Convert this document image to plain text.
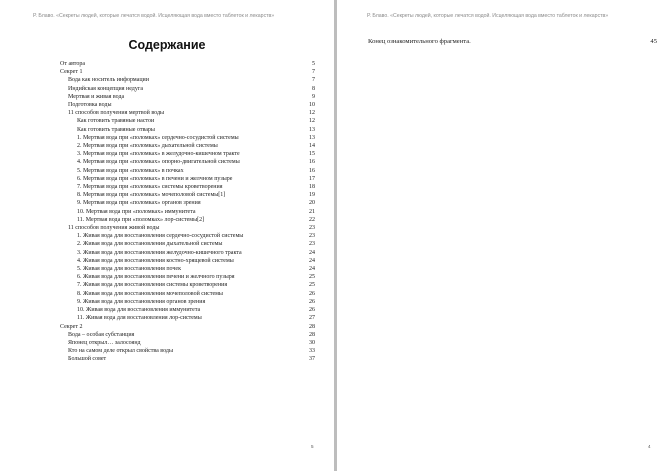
Р. Блаво. «Секреты людей, которые лечатся водой. Исцеляющая вода вместо таблеток и лекарств»
Содержание
От автора	5
Секрет 1	7
Вода как носитель информации	7
Индийская концепция недуга	8
Мертвая и живая вода	9
Подготовка воды	10
11 способов получения мертвой воды	12
Как готовить травяные настои	12
Как готовить травяные отвары	13
1. Мертвая вода при «поломках» сердечно-сосудистой системы	13
2. Мертвая вода при «поломках» дыхательной системы	14
3. Мертвая вода при «поломках» в желудочно-кишечном тракте	15
4. Мертвая вода при «поломках» опорно-двигательной системы	16
5. Мертвая вода при «поломках» в почках	16
6. Мертвая вода при «поломках» в печени и желчном пузыре	17
7. Мертвая вода при «поломках» системы кроветворения	18
8. Мертвая вода при «поломках» мочеполовой системы[1]	19
9. Мертвая вода при «поломках» органов зрения	20
10. Мертвая вода при «поломках» иммунитета	21
11. Мертвая вода при «поломках» лор-системы[2]	22
11 способов получения живой воды	23
1. Живая вода для восстановления сердечно-сосудистой системы	23
2. Живая вода для восстановления дыхательной системы	23
3. Живая вода для восстановления желудочно-кишечного тракта	24
4. Живая вода для восстановления костно-хрящевой системы	24
5. Живая вода для восстановления почек	24
6. Живая вода для восстановления печени и желчного пузыря	25
7. Живая вода для восстановления системы кроветворения	25
8. Живая вода для восстановления мочеполовой системы	26
9. Живая вода для восстановления органов зрения	26
10. Живая вода для восстановления иммунитета	26
11. Живая вода для восстановления лор-системы	27
Секрет 2	28
Вода – особая субстанция	28
Японец открыл… залосоянд	30
Кто на самом деле открыл свойства воды	33
Большой совет	37
5
Р. Блаво. «Секреты людей, которые лечатся водой. Исцеляющая вода вместо таблеток и лекарств»
Конец ознакомительного фрагмента.	45
4
